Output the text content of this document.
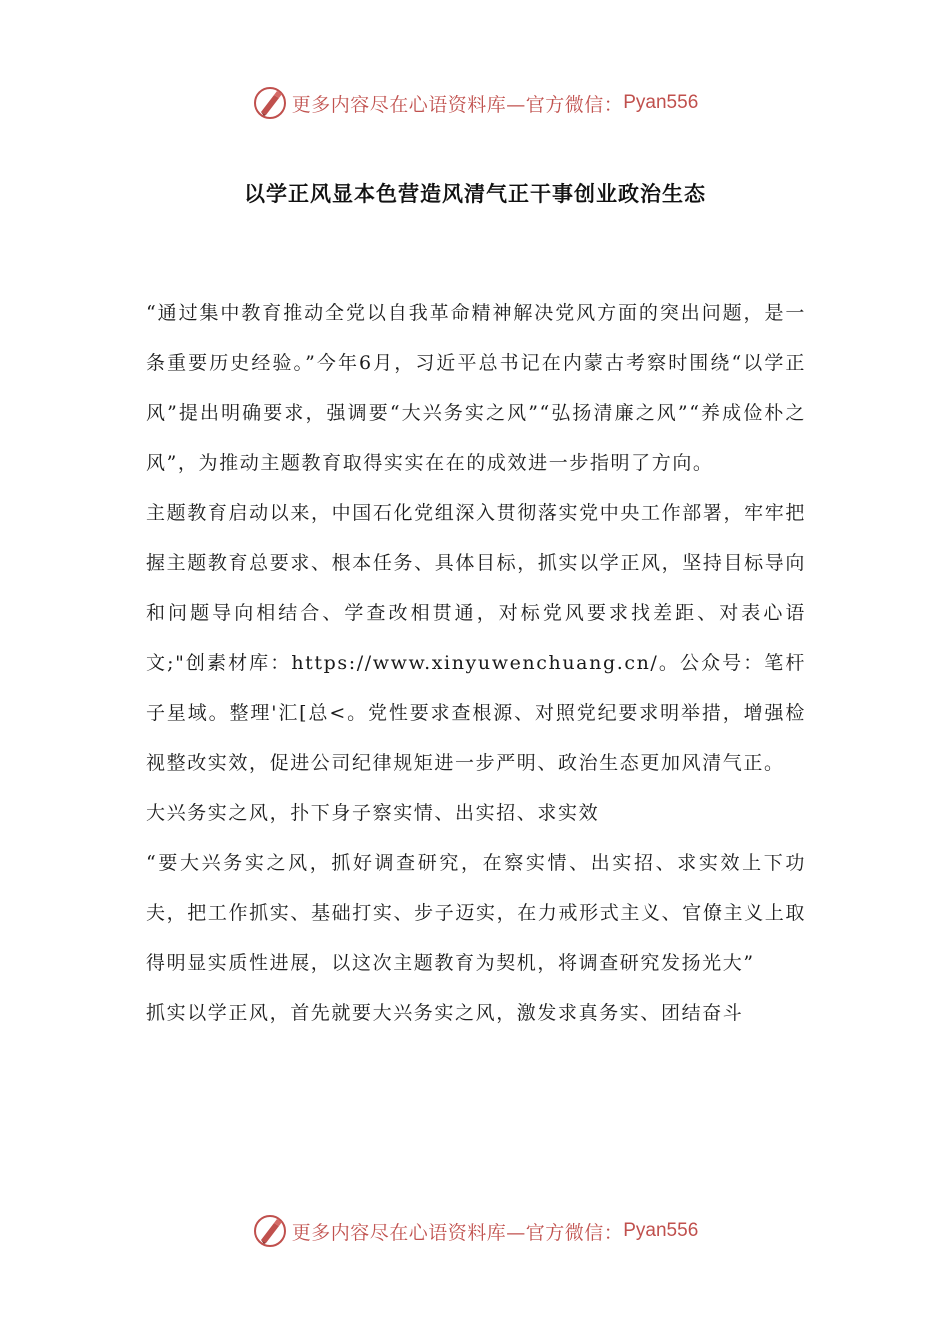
更多内容尽在心语资料库—官方微信： Pyan556
以学正风显本色营造风清气正干事创业政治生态

“通过集中教育推动全党以自我革命精神解决党风方面的突出问题，是一条重要历史经验。”今年6月，习近平总书记在内蒙古考察时围绕“以学正风”提出明确要求，强调要“大兴务实之风”“弘扬清廉之风”“养成俭朴之风”，为推动主题教育取得实实在在的成效进一步指明了方向。

主题教育启动以来，中国石化党组深入贯彻落实党中央工作部署，牢牢把握主题教育总要求、根本任务、具体目标，抓实以学正风，坚持目标导向和问题导向相结合、学查改相贯通，对标党风要求找差距、对表心语文;"创素材库：https://www.xinyuwenchuang.cn/。公众号：笔杆子星域。整理'汇[总<。党性要求查根源、对照党纪要求明举措，增强检视整改实效，促进公司纪律规矩进一步严明、政治生态更加风清气正。

大兴务实之风，扑下身子察实情、出实招、求实效

“要大兴务实之风，抓好调查研究，在察实情、出实招、求实效上下功夫，把工作抓实、基础打实、步子迈实，在力戒形式主义、官僚主义上取得明显实质性进展，以这次主题教育为契机，将调查研究发扬光大”

抓实以学正风，首先就要大兴务实之风，激发求真务实、团结奋斗

更多内容尽在心语资料库—官方微信： Pyan556
